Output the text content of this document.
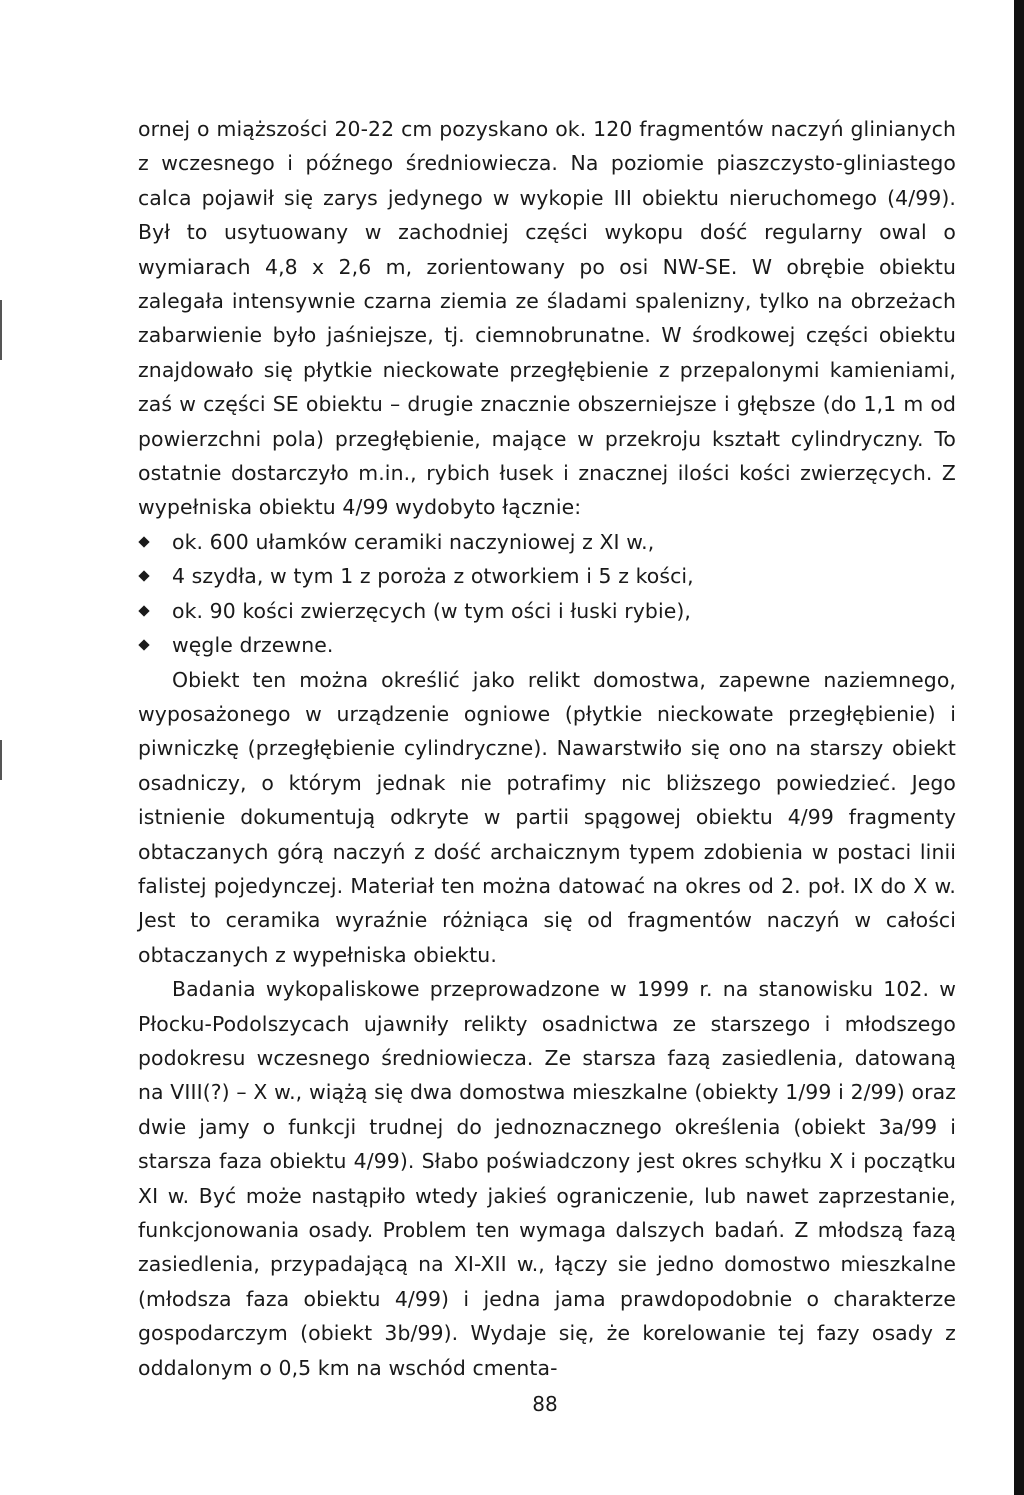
ornej o miąższości 20-22 cm pozyskano ok. 120 fragmentów naczyń glinianych z wczesnego i późnego średniowiecza. Na poziomie piaszczysto-gliniastego calca pojawił się zarys jedynego w wykopie III obiektu nieruchomego (4/99). Był to usytuowany w zachodniej części wykopu dość regularny owal o wymiarach 4,8 x 2,6 m, zorientowany po osi NW-SE. W obrębie obiektu zalegała intensywnie czarna ziemia ze śladami spalenizny, tylko na obrzeżach zabarwienie było jaśniejsze, tj. ciemnobrunatne. W środkowej części obiektu znajdowało się płytkie nieckowate przegłębienie z przepalonymi kamieniami, zaś w części SE obiektu – drugie znacznie obszerniejsze i głębsze (do 1,1 m od powierzchni pola) przegłębienie, mające w przekroju kształt cylindryczny. To ostatnie dostarczyło m.in., rybich łusek i znacznej ilości kości zwierzęcych. Z wypełniska obiektu 4/99 wydobyto łącznie:

ok. 600 ułamków ceramiki naczyniowej z XI w.,
4 szydła, w tym 1 z poroża z otworkiem i 5 z kości,
ok. 90 kości zwierzęcych (w tym ości i łuski rybie),
węgle drzewne.

Obiekt ten można określić jako relikt domostwa, zapewne naziemnego, wyposażonego w urządzenie ogniowe (płytkie nieckowate przegłębienie) i piwniczkę (przegłębienie cylindryczne). Nawarstwiło się ono na starszy obiekt osadniczy, o którym jednak nie potrafimy nic bliższego powiedzieć. Jego istnienie dokumentują odkryte w partii spągowej obiektu 4/99 fragmenty obtaczanych górą naczyń z dość archaicznym typem zdobienia w postaci linii falistej pojedynczej. Materiał ten można datować na okres od 2. poł. IX do X w. Jest to ceramika wyraźnie różniąca się od fragmentów naczyń w całości obtaczanych z wypełniska obiektu.

Badania wykopaliskowe przeprowadzone w 1999 r. na stanowisku 102. w Płocku-Podolszycach ujawniły relikty osadnictwa ze starszego i młodszego podokresu wczesnego średniowiecza. Ze starsza fazą zasiedlenia, datowaną na VIII(?) – X w., wiążą się dwa domostwa mieszkalne (obiekty 1/99 i 2/99) oraz dwie jamy o funkcji trudnej do jednoznacznego określenia (obiekt 3a/99 i starsza faza obiektu 4/99). Słabo poświadczony jest okres schyłku X i początku XI w. Być może nastąpiło wtedy jakieś ograniczenie, lub nawet zaprzestanie, funkcjonowania osady. Problem ten wymaga dalszych badań. Z młodszą fazą zasiedlenia, przypadającą na XI-XII w., łączy sie jedno domostwo mieszkalne (młodsza faza obiektu 4/99) i jedna jama prawdopodobnie o charakterze gospodarczym (obiekt 3b/99). Wydaje się, że korelowanie tej fazy osady z oddalonym o 0,5 km na wschód cmenta-

88
